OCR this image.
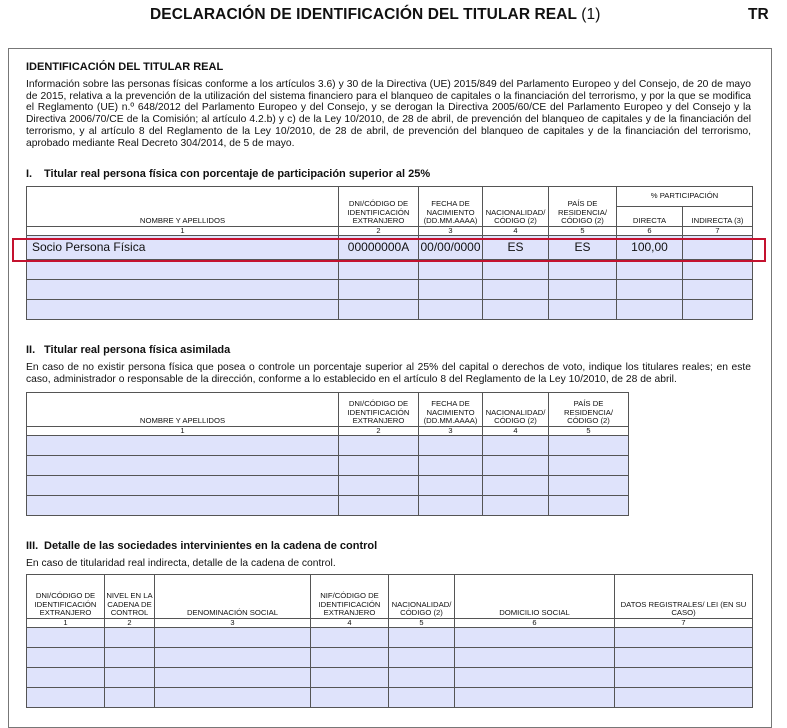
DECLARACIÓN DE IDENTIFICACIÓN DEL TITULAR REAL (1)	TR
IDENTIFICACIÓN DEL TITULAR REAL
Información sobre las personas físicas conforme a los artículos 3.6) y 30 de la Directiva (UE) 2015/849 del Parlamento Europeo y del Consejo, de 20 de mayo de 2015, relativa a la prevención de la utilización del sistema financiero para el blanqueo de capitales o la financiación del terrorismo, y por la que se modifica el Reglamento (UE) n.º 648/2012 del Parlamento Europeo y del Consejo, y se derogan la Directiva 2005/60/CE del Parlamento Europeo y del Consejo y la Directiva 2006/70/CE de la Comisión; al artículo 4.2.b) y c) de la Ley 10/2010, de 28 de abril, de prevención del blanqueo de capitales y de la financiación del terrorismo, y al artículo 8 del Reglamento de la Ley 10/2010, de 28 de abril, de prevención del blanqueo de capitales y de la financiación del terrorismo, aprobado mediante Real Decreto 304/2014, de 5 de mayo.
I. Titular real persona física con porcentaje de participación superior al 25%
NOMBRE Y APELLIDOS	DNI/CÓDIGO DE IDENTIFICACIÓN EXTRANJERO	FECHA DE NACIMIENTO (DD.MM.AAAA)	NACIONALIDAD/ CÓDIGO (2)	PAÍS DE RESIDENCIA/ CÓDIGO (2)	% PARTICIPACIÓN	
					DIRECTA	INDIRECTA (3)
1	2	3	4	5	6	7
Socio Persona Física	00000000A	00/00/0000	ES	ES	100,00	

II. Titular real persona física asimilada
En caso de no existir persona física que posea o controle un porcentaje superior al 25% del capital o derechos de voto, indique los titulares reales; en este caso, administrador o responsable de la dirección, conforme a lo establecido en el artículo 8 del Reglamento de la Ley 10/2010, de 28 de abril.
NOMBRE Y APELLIDOS	DNI/CÓDIGO DE IDENTIFICACIÓN EXTRANJERO	FECHA DE NACIMIENTO (DD.MM.AAAA)	NACIONALIDAD/ CÓDIGO (2)	PAÍS DE RESIDENCIA/ CÓDIGO (2)
1	2	3	4	5

III. Detalle de las sociedades intervinientes en la cadena de control
En caso de titularidad real indirecta, detalle de la cadena de control.
DNI/CÓDIGO DE IDENTIFICACIÓN EXTRANJERO	NIVEL EN LA CADENA DE CONTROL	DENOMINACIÓN SOCIAL	NIF/CÓDIGO DE IDENTIFICACIÓN EXTRANJERO	NACIONALIDAD/ CÓDIGO (2)	DOMICILIO SOCIAL	DATOS REGISTRALES/ LEI (EN SU CASO)
1	2	3	4	5	6	7
